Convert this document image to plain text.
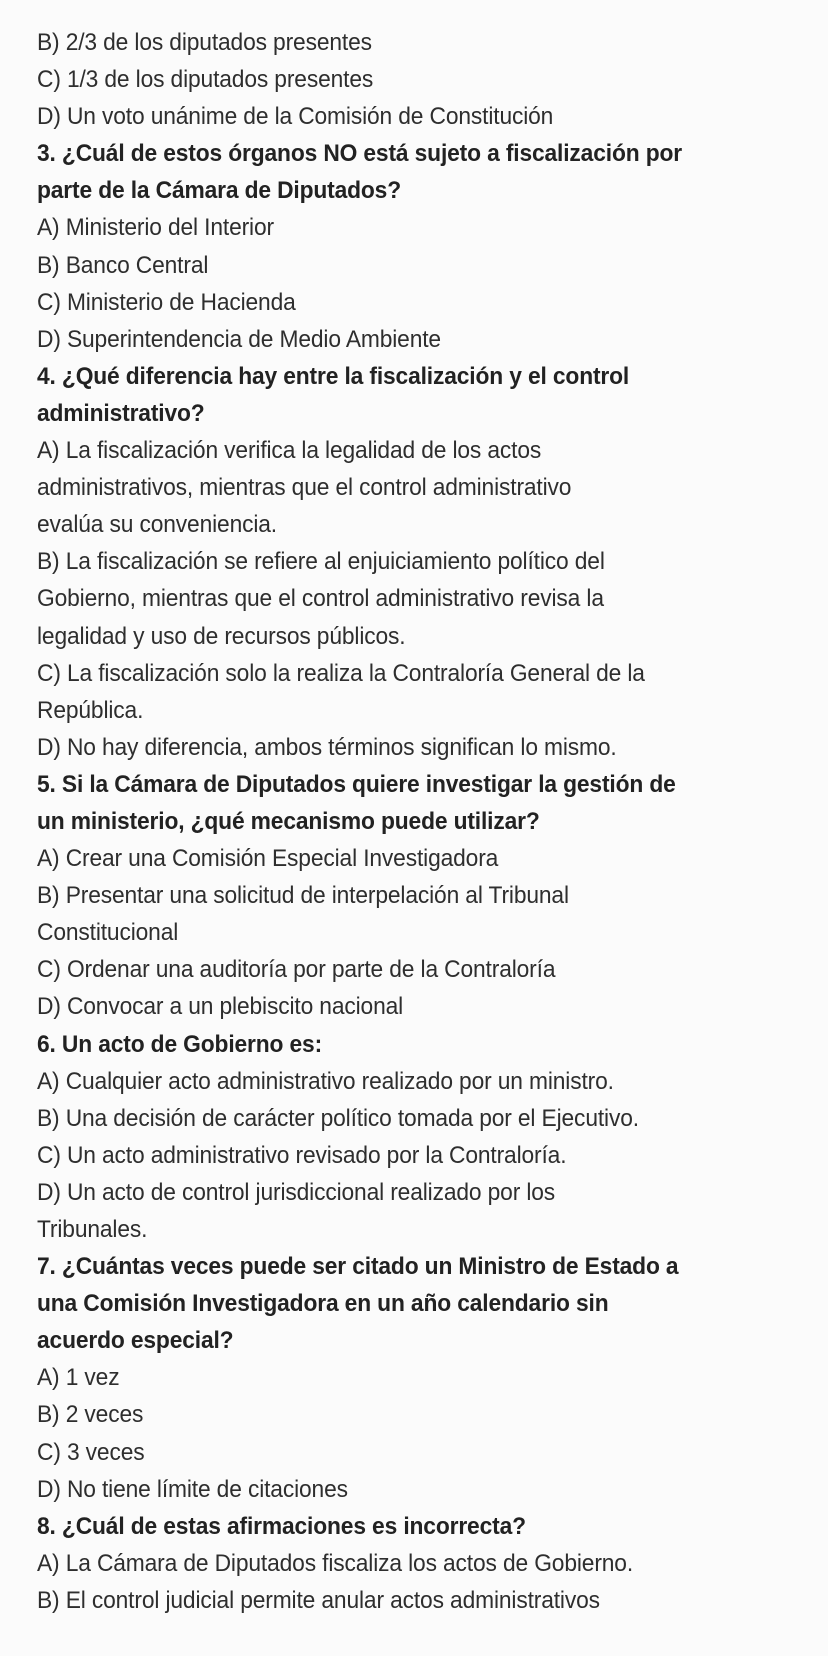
B) 2/3 de los diputados presentes
C) 1/3 de los diputados presentes
D) Un voto unánime de la Comisión de Constitución
3. ¿Cuál de estos órganos NO está sujeto a fiscalización por
parte de la Cámara de Diputados?
A) Ministerio del Interior
B) Banco Central
C) Ministerio de Hacienda
D) Superintendencia de Medio Ambiente
4. ¿Qué diferencia hay entre la fiscalización y el control
administrativo?
A) La fiscalización verifica la legalidad de los actos
administrativos, mientras que el control administrativo
evalúa su conveniencia.
B) La fiscalización se refiere al enjuiciamiento político del
Gobierno, mientras que el control administrativo revisa la
legalidad y uso de recursos públicos.
C) La fiscalización solo la realiza la Contraloría General de la
República.
D) No hay diferencia, ambos términos significan lo mismo.
5. Si la Cámara de Diputados quiere investigar la gestión de
un ministerio, ¿qué mecanismo puede utilizar?
A) Crear una Comisión Especial Investigadora
B) Presentar una solicitud de interpelación al Tribunal
Constitucional
C) Ordenar una auditoría por parte de la Contraloría
D) Convocar a un plebiscito nacional
6. Un acto de Gobierno es:
A) Cualquier acto administrativo realizado por un ministro.
B) Una decisión de carácter político tomada por el Ejecutivo.
C) Un acto administrativo revisado por la Contraloría.
D) Un acto de control jurisdiccional realizado por los
Tribunales.
7. ¿Cuántas veces puede ser citado un Ministro de Estado a
una Comisión Investigadora en un año calendario sin
acuerdo especial?
A) 1 vez
B) 2 veces
C) 3 veces
D) No tiene límite de citaciones
8. ¿Cuál de estas afirmaciones es incorrecta?
A) La Cámara de Diputados fiscaliza los actos de Gobierno.
B) El control judicial permite anular actos administrativos
